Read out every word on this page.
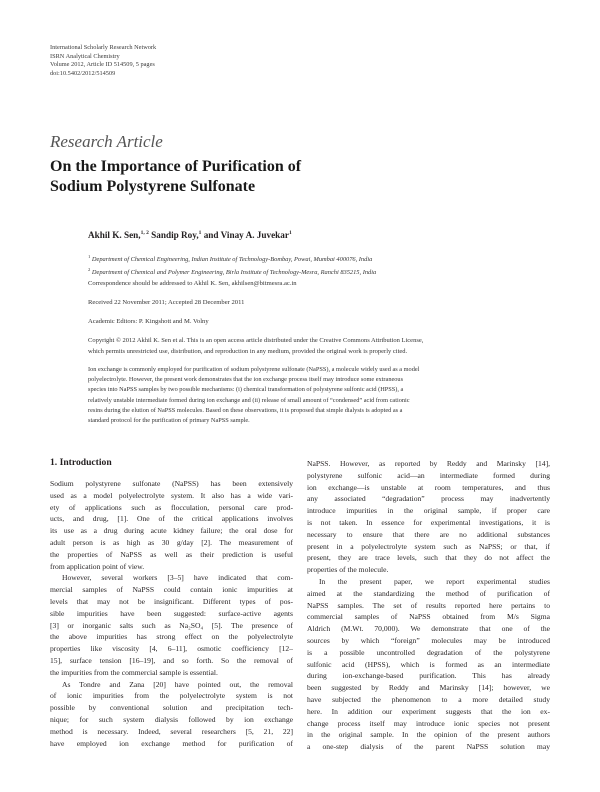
International Scholarly Research Network
ISRN Analytical Chemistry
Volume 2012, Article ID 514509, 5 pages
doi:10.5402/2012/514509
Research Article
On the Importance of Purification of
Sodium Polystyrene Sulfonate
Akhil K. Sen,$^{1, 2}$ Sandip Roy,$^1$ and Vinay A. Juvekar$^1$
$^1$ Department of Chemical Engineering, Indian Institute of Technology-Bombay, Powai, Mumbai 400076, India
$^2$ Department of Chemical and Polymer Engineering, Birla Institute of Technology-Mesra, Ranchi 835215, India
Correspondence should be addressed to Akhil K. Sen, akhilsen@bitmesra.ac.in
Received 22 November 2011; Accepted 28 December 2011
Academic Editors: P. Kingshott and M. Volny
Copyright © 2012 Akhil K. Sen et al. This is an open access article distributed under the Creative Commons Attribution License,
which permits unrestricted use, distribution, and reproduction in any medium, provided the original work is properly cited.
Ion exchange is commonly employed for purification of sodium polystyrene sulfonate (NaPSS), a molecule widely used as a model
polyelectrolyte. However, the present work demonstrates that the ion exchange process itself may introduce some extraneous
species into NaPSS samples by two possible mechanisms: (i) chemical transformation of polystyrene sulfonic acid (HPSS), a
relatively unstable intermediate formed during ion exchange and (ii) release of small amount of “condensed” acid from cationic
resins during the elution of NaPSS molecules. Based on these observations, it is proposed that simple dialysis is adopted as a
standard protocol for the purification of primary NaPSS sample.
1. Introduction
Sodium polystyrene sulfonate (NaPSS) has been extensively
used as a model polyelectrolyte system. It also has a wide vari-
ety of applications such as flocculation, personal care prod-
ucts, and drug, [1]. One of the critical applications involves
its use as a drug during acute kidney failure; the oral dose for
adult person is as high as 30 g/day [2]. The measurement of
the properties of NaPSS as well as their prediction is useful
from application point of view.
However, several workers [3–5] have indicated that com-
mercial samples of NaPSS could contain ionic impurities at
levels that may not be insignificant. Different types of pos-
sible impurities have been suggested: surface-active agents
[3] or inorganic salts such as Na₂SO₄ [5]. The presence of
the above impurities has strong effect on the polyelectrolyte
properties like viscosity [4, 6–11], osmotic coefficiency [12–
15], surface tension [16–19], and so forth. So the removal of
the impurities from the commercial sample is essential.
As Tondre and Zana [20] have pointed out, the removal
of ionic impurities from the polyelectrolyte system is not
possible by conventional solution and precipitation tech-
nique; for such system dialysis followed by ion exchange
method is necessary. Indeed, several researchers [5, 21, 22]
have employed ion exchange method for purification of
NaPSS. However, as reported by Reddy and Marinsky [14],
polystyrene sulfonic acid—an intermediate formed during
ion exchange—is unstable at room temperatures, and thus
any associated “degradation” process may inadvertently
introduce impurities in the original sample, if proper care
is not taken. In essence for experimental investigations, it is
necessary to ensure that there are no additional substances
present in a polyelectrolyte system such as NaPSS; or that, if
present, they are trace levels, such that they do not affect the
properties of the molecule.
In the present paper, we report experimental studies
aimed at the standardizing the method of purification of
NaPSS samples. The set of results reported here pertains to
commercial samples of NaPSS obtained from M/s Sigma
Aldrich (M.Wt. 70,000). We demonstrate that one of the
sources by which “foreign” molecules may be introduced
is a possible uncontrolled degradation of the polystyrene
sulfonic acid (HPSS), which is formed as an intermediate
during ion-exchange-based purification. This has already
been suggested by Reddy and Marinsky [14]; however, we
have subjected the phenomenon to a more detailed study
here. In addition our experiment suggests that the ion ex-
change process itself may introduce ionic species not present
in the original sample. In the opinion of the present authors
a one-step dialysis of the parent NaPSS solution may
